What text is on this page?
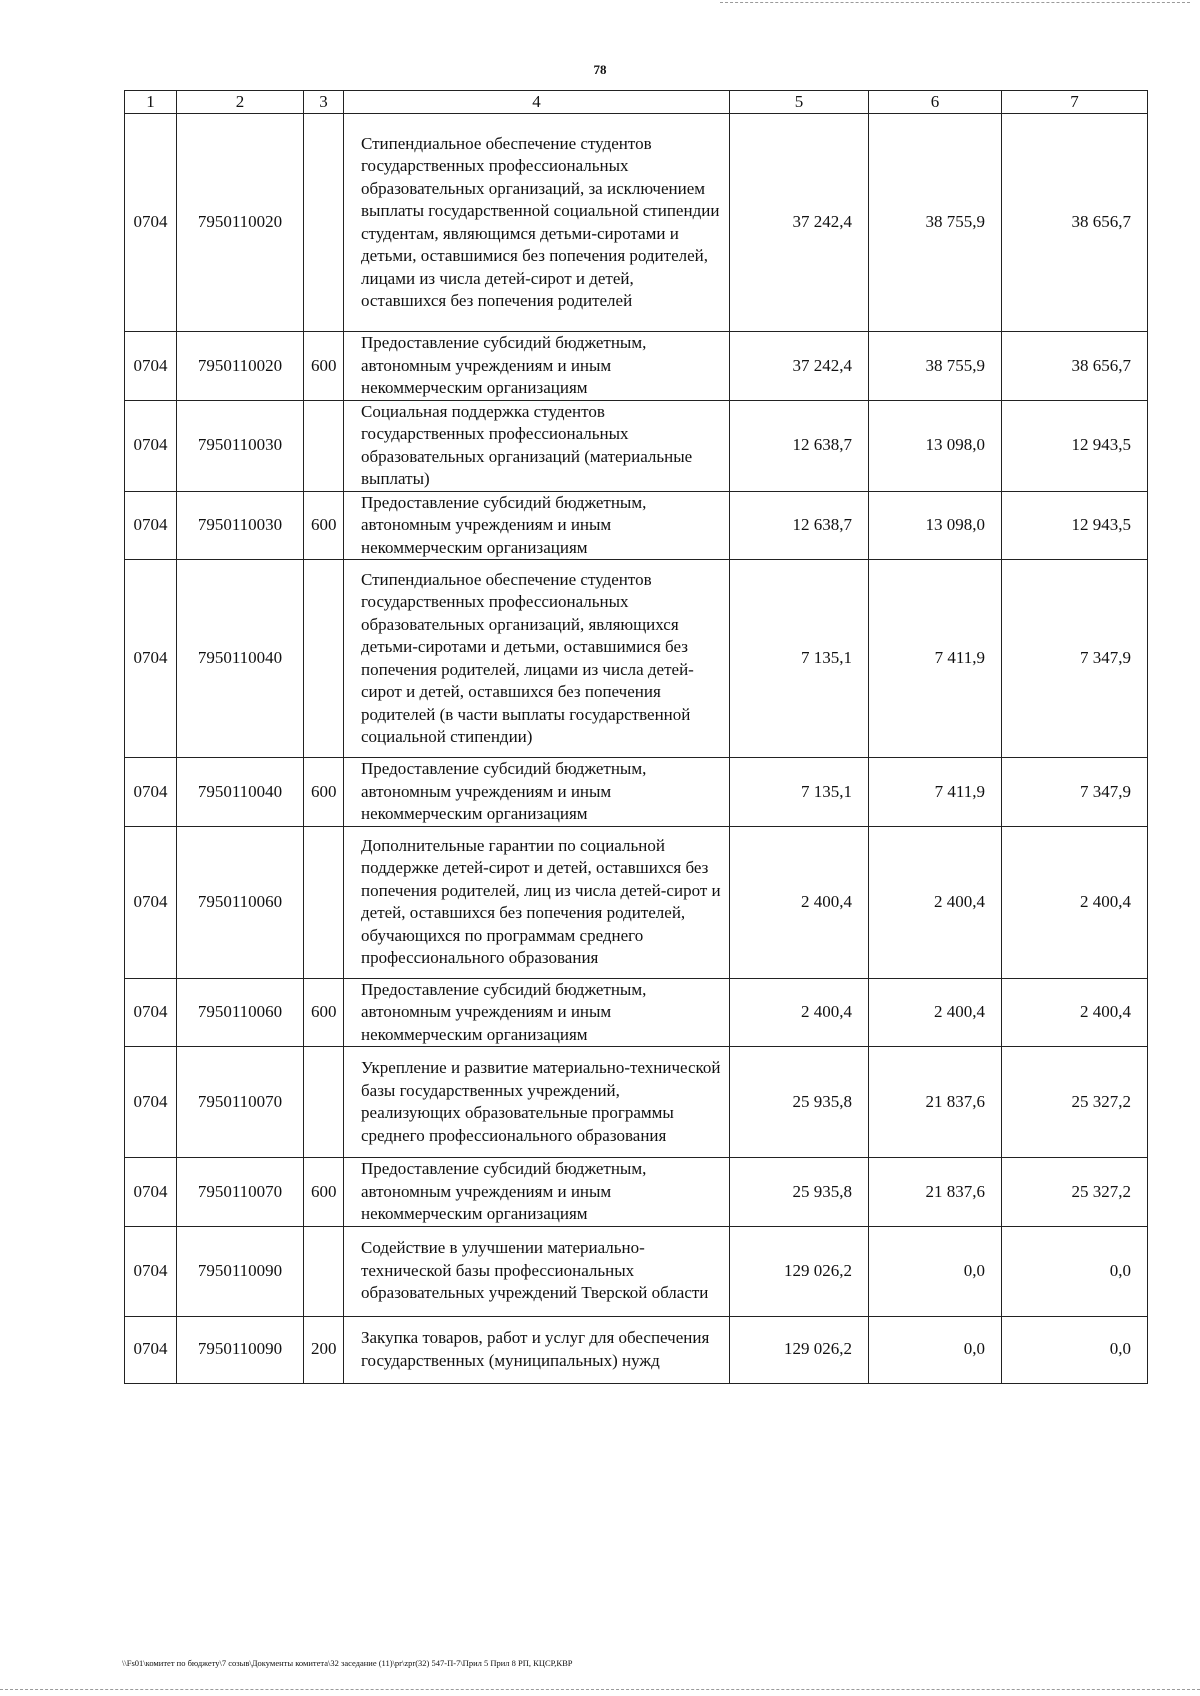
78
1	2	3	4	5	6	7
0704	7950110020		Стипендиальное обеспечение студентов государственных профессиональных образовательных организаций, за исключением выплаты государственной социальной стипендии студентам, являющимся детьми-сиротами и детьми, оставшимися без попечения родителей, лицами из числа детей-сирот и детей, оставшихся без попечения родителей	37 242,4	38 755,9	38 656,7
0704	7950110020	600	Предоставление субсидий бюджетным, автономным учреждениям и иным некоммерческим организациям	37 242,4	38 755,9	38 656,7
0704	7950110030		Социальная поддержка студентов государственных профессиональных образовательных организаций (материальные выплаты)	12 638,7	13 098,0	12 943,5
0704	7950110030	600	Предоставление субсидий бюджетным, автономным учреждениям и иным некоммерческим организациям	12 638,7	13 098,0	12 943,5
0704	7950110040		Стипендиальное обеспечение студентов государственных профессиональных образовательных организаций, являющихся детьми-сиротами и детьми, оставшимися без попечения родителей, лицами из числа детей-сирот и детей, оставшихся без попечения родителей (в части выплаты государственной социальной стипендии)	7 135,1	7 411,9	7 347,9
0704	7950110040	600	Предоставление субсидий бюджетным, автономным учреждениям и иным некоммерческим организациям	7 135,1	7 411,9	7 347,9
0704	7950110060		Дополнительные гарантии по социальной поддержке детей-сирот и детей, оставшихся без попечения родителей, лиц из числа детей-сирот и детей, оставшихся без попечения родителей, обучающихся по программам среднего профессионального образования	2 400,4	2 400,4	2 400,4
0704	7950110060	600	Предоставление субсидий бюджетным, автономным учреждениям и иным некоммерческим организациям	2 400,4	2 400,4	2 400,4
0704	7950110070		Укрепление и развитие материально-технической базы государственных учреждений, реализующих образовательные программы среднего профессионального образования	25 935,8	21 837,6	25 327,2
0704	7950110070	600	Предоставление субсидий бюджетным, автономным учреждениям и иным некоммерческим организациям	25 935,8	21 837,6	25 327,2
0704	7950110090		Содействие в улучшении материально-технической базы профессиональных образовательных учреждений Тверской области	129 026,2	0,0	0,0
0704	7950110090	200	Закупка товаров, работ и услуг для обеспечения государственных (муниципальных) нужд	129 026,2	0,0	0,0
\\Fs01\комитет по бюджету\7 созыв\Документы комитета\32 заседание (11)\pr\zpr(32) 547-П-7\Прил 5 Прил 8 РП, КЦСР,КВР
